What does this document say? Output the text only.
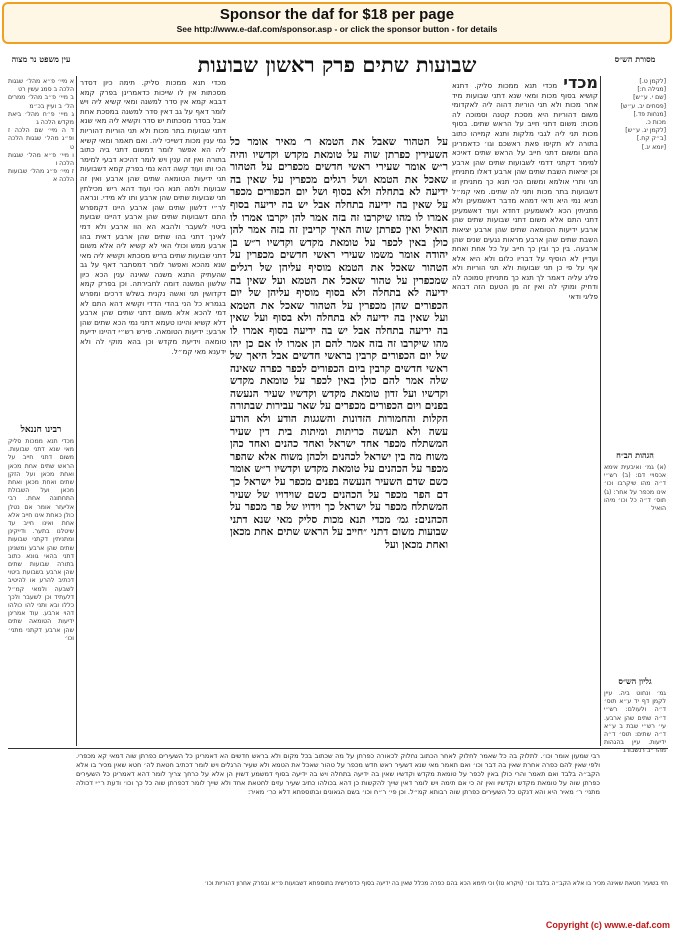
Sponsor the daf for $18 per page
See http://www.e-daf.com/sponsor.asp - or click the sponsor button - for details
שבועות שתים פרק ראשון שבועות
עין משפט נר מצוה	מסורת הש״ס

מכדי מכדי תנא ממכות סליק. דתנא קושיא בסוף מכות ומאי שנא דתני שבועות מיד אחר מכות ולא תני הוריות דהוה ליה לאקדומי משום דהוריות היא מסכת קטנה וסמוכה לה מכות: משום דתני חייב על הראש שתים. בסוף מכות תני ליה לגבי מלקות ותנא קמייהו כתוב בתורה לא תקיפו פאת ראשכם וגו׳ כדאמרינן התם ומשום דתני חייב על הראש שתים דאיכא למימר דקתני דדמי לשבועות שתים שהן ארבע וכן יציאות השבת שתים שהן ארבע דאלו מתניתין תני ותרי אולמא ומשום הכי תנא כך מתניתין זו דשבועות בתר מכות ותני לה שתים. מאי קמ״ל תניא נמי היא ודאי דמהא מדבר דאשמעינן ולא מתניתין הכא לאשמעינן דחדא ועוד דאשמעינן דתני התם אלא משום דתני שבועות שתים שהן ארבע ידיעות הטומאה שתים שהן ארבע יציאות השבת שתים שהן ארבע מראות נגעים שנים שהן ארבעה. בין כך ובין כך חייב על כל אחת ואחת ועדיין לא הוסיף על דבריו כלום ולא היא אלא אף על פי כן תני שבועות ולא תני הוריות ולא פליג עליה דאמר לך תנא כך מתניתין סמוכה לה ודחיק ומוקי לה ואין זה מן הטעם הזה דבהא פליגי ודאי

מכדי תנא ממכות סליק. תימה כיון דסדר מסכתות אין לו שייכות כדאמרינן בפרק קמא דבבא קמא אין סדר למשנה ומאי קשיא ליה ויש לומר דאף על גב דאין סדר למשנה במסכת אחת אבל בסדר מסכתות יש סדר וקשיא ליה מאי שנא דתני שבועות בתר מכות ולא תני הוריות דהוריות נמי ענין מכות דשייכי ליה. ואם תאמר ומאי קשיא ליה הא אפשר לומר דמשום דתני ביה כתוב בתורה ואין זה ענין ויש לומר דהיכא דבעי למימר הכי ותו ועוד קשה דהא נמי בפרק קמא דשבועות תני ידיעות הטומאה שתים שהן ארבע ואין זה שבועות ולמה תנא הכי ועוד דהא ריש מכילתין תני שבועות שתים שהן ארבע ותו לא מידי. ונראה לר״י דלשון שתים שהן ארבע היינו דקמפרש התם דשבועות שתים שהן ארבע דהיינו שבועת ביטוי לשעבר ולהבא הא הוו ארבע ולא דמי לאינך דתני בהו שתים שהן ארבע דאית בהו ארבע ממש וכולי האי לא קשיא ליה אלא משום דתני שבועות שתים בריש מסכתא וקשיא ליה מאי שנא מהכא ואפשר לומר דמסתבר דאף על גב שהעתיק התנא משנה שאינה ענין הכא כיון שלשון המשנה דומה לחבירתה. וכן בפרק קמא דקדושין תני ואשה נקנית בשלש דרכים ומפרש בגמרא כל הני בהדי הדדי וקשיא דהא התם לא דמי להכא אלא משום דתני שתים שהן ארבע דלא קשיא והיינו טעמא דתני נמי הכא שתים שהן ארבע: ידיעות הטומאה. פירש רש״י דהיינו ידיעת טומאה וידיעת מקדש וכן בהא מוקי לה ולא ידענא מאי קמ״ל.

על הטהור שאבל את הטמא ר׳ מאיר אומר כל השעירין כפרתן שוה על טומאת מקדש וקדשיו והיה ר״ש אומר שעירי ראשי חדשים מכפרים על הטהור שאכל את הטמא ושל רגלים מכפרין על שאין בה ידיעה לא בתחלה ולא בסוף ושל יום הכפורים מכפר על שאין בה ידיעה בתחלה אבל יש בה ידיעה בסוף אמרו לו מהו שיקרבו זה בזה אמר להן יקרבו אמרו לו הואיל ואין כפרתן שוה האיך קריבין זה בזה אמר להן כולן באין לכפר על טומאת מקדש וקדשיו ר״ש בן יהודה אומר משמו שעירי ראשי חדשים מכפרין על הטהור שאכל את הטמא מוסיף עליהן של רגלים שמכפרין על טהור שאכל את הטמא ועל שאין בה ידיעה לא בתחלה ולא בסוף מוסיף עליהן של יום הכפורים שהן מכפרין על הטהור שאכל את הטמא ועל שאין בה ידיעה לא בתחלה ולא בסוף ועל שאין בה ידיעה בתחלה אבל יש בה ידיעה בסוף אמרו לו מהו שיקרבו זה בזה אמר להם הן אמרו לו אם כן יהו של יום הכפורים קרבין בראשי חדשים אבל היאך של ראשי חדשים קרבין ביום הכפורים לכפר כפרה שאינה שלה אמר להם כולן באין לכפר על טומאת מקדש וקדשיו ועל זדון טומאת מקדש וקדשיו שעיר הנעשה בפנים ויום הכפורים מכפרים על שאר עבירות שבתורה הקלות והחמורות הזדונות והשגגות הודע ולא הודע עשה ולא תעשה כריתות ומיתות בית דין שעיר המשתלח מכפר אחד ישראל ואחד כהנים ואחד כהן משוח מה בין ישראל לכהנים ולכהן משוח אלא שהפר מכפר על הכהנים על טומאת מקדש וקדשיו ר״ש אומר כשם שדם השעיר הנעשה בפנים מכפר על ישראל כך דם הפר מכפר על הכהנים כשם שוידויו של שעיר המשתלח מכפר על ישראל כך וידויו של פר מכפר על הכהנים: גמ׳ מכדי תנא מכות סליק מאי שנא דתני שבועות משום דתני ״חייב על הראש שתים אחת מכאן ואחת מכאן ועל
א מיי׳ פ״א מהל׳ שגגות הלכה ב סמג עשין רט
ב מיי׳ פ״ב מהל׳ ממרים הל׳ ב ועיין בכ״מ
ג מיי׳ פ״ח מהל׳ ביאת מקדש הלכה ג
ד ה מיי׳ שם הלכה ז ופ״ג מהל׳ שגגות הלכה ט
ו מיי׳ פ״א מהל׳ שגגות הלכה ו
ז מיי׳ פ״ג מהל׳ שבועות הלכה א
רבינו חננאל
מכדי תנא ממכות סליק מאי שנא דתני שבועות. משום דתני חייב על הראש שתים אחת מכאן ואחת מכאן ועל הזקן שתים ואחת מכאן ואחת מכאן ועל השבולת התחתונה אחת. רבי אליעזר אומר אם נטלן כולן כאחת אינו חייב אלא אחת ואינו חייב עד שיטלנו בתער. ודייקינן ומתניתין דקתני שבועות שתים שהן ארבע ומשנינן דתני בהאי גוונא כתוב בתורה שבועות שתים שהן ארבע בשבועת ביטוי דכתיב להרע או להיטיב לשבעה ולמאי קמ״ל דלעתיד וכן לשעבר ולכך כללו ובא ותני להו כולהו דהוי ארבע. עוד אמרינן ידיעות הטומאה שתים שהן ארבע דקתני מתני׳ וכו׳
[לקמן ט.]
[מגילה ח:]
[שם י. ע״ש]
[פסחים יב. ע״ש]
[מנחות פד.]
מכות כ.
[לקמן יג. ע״ש]
[ב״ק קח.]
[יומא יג.]
הגהות הב״ח
(א) גמ׳ ואיבעית אימא אכסויי דם: (ב) רש״י ד״ה מהו שיקרבו וכו׳ אינו מכפר על אחר: (ג) תוס׳ ד״ה כל וכו׳ מיהו הואיל
גליון הש״ס
גמ׳ ונחוט ביה. עיין לקמן דף יד ע״א תוס׳ ד״ה ולעולם: רש״י ד״ה שתים שהן ארבע. עי׳ רש״י שבת ב ע״א ד״ה שתים: תוס׳ ד״ה ידיעות. עיין בהגהות מהר״ב רנשבורג
רבי שמעון אומר וכו׳. לתלוק בה כל שאמר לחלוק לאחר הכתוב נחלוק לכאורה כפרתן על מה שכתוב בכל מקום ולא בראש חדשים הא דאמרינן כל השעירים כפרתן שוה דמאי קא מכפרי. ולפי שאין להם כפרה אחרת שאין בה דבר וכו׳ ואם תאמר מאי שנא דשעיר ראש חדש מכפר על טהור שאכל את הטמא ולא שעיר הרגלים ויש לומר דכתיב חטאת לה׳ חטא שאין מכיר בו אלא הקב״ה בלבד ואם תאמר והרי כולן באין לכפר על טומאת מקדש וקדשיו שאין בה ידיעה בתחלה ויש בה ידיעה בסוף דמשמע דשוין הן אלא על כרחך צריך לומר דהא דאמרינן כל השעירים כפרתן שוה על טומאת מקדש וקדשיו ואין זה כי אם תימה ויש לומר דאין שייך להקשות כן דהא בכולהו כתיב שעיר עזים לחטאת אחד ולא שייך לומר דכפרתן שוה כל כך וכו׳ ודעת ר״י דכולה מתני׳ ר׳ מאיר היא והא דנקט כל השעירים כפרתן שוה רבותא קמ״ל. וכן פי׳ ר״ח וכו׳ בשם הגאונים ובתוספתא דלא כר׳ מאיר:
חזי בשעיר חטאת שאינה מכיר בו אלא הקב״ה בלבד וכו׳ (ויקרא טז) וכי תימא הכא בהם כפרה מכלל שאין בה ידיעה בסוף כדפרישית בתוספתא דשבועות פ״א ובפרק אחרון דהוריות וכו׳
Copyright (c) www.e-daf.com
